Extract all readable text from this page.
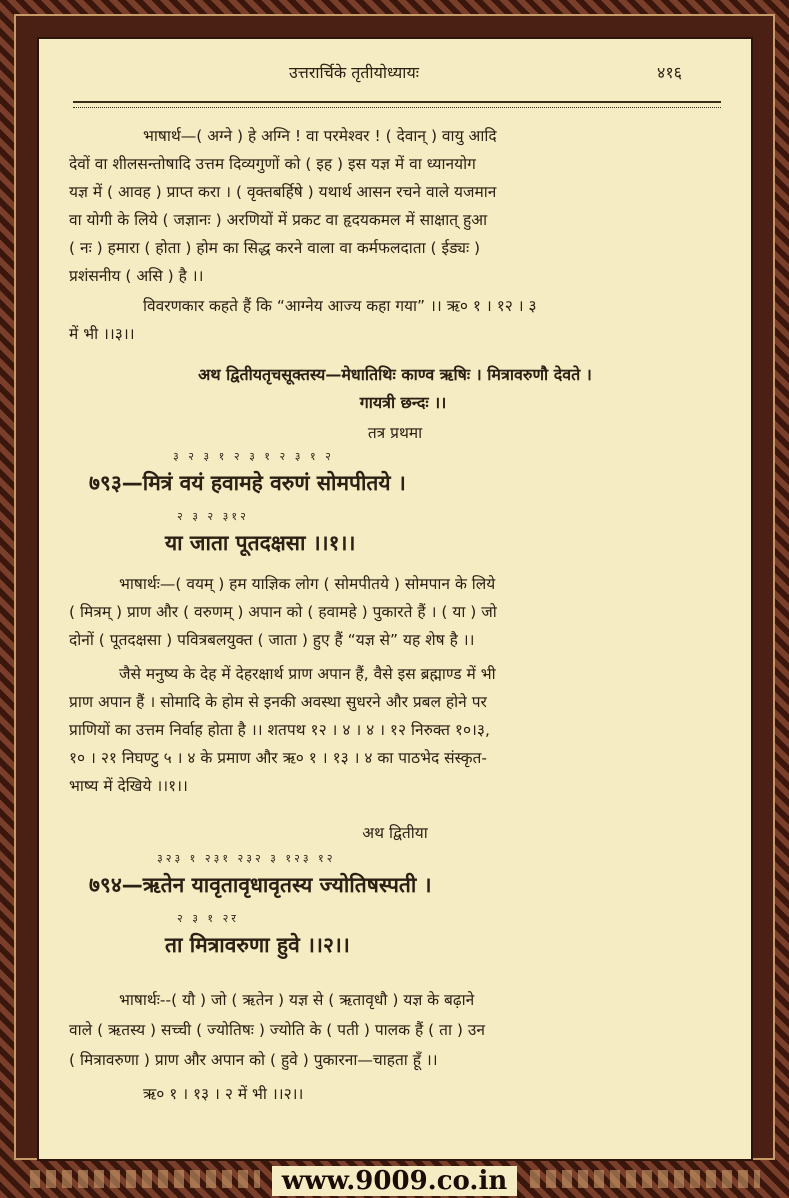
उत्तरार्चिके तृतीयोध्यायः	४१६
भाषार्थ—( अग्ने ) हे अग्नि ! वा परमेश्वर ! ( देवान् ) वायु आदि
देवों वा शीलसन्तोषादि उत्तम दिव्यगुणों को ( इह ) इस यज्ञ में वा ध्यानयोग
यज्ञ में ( आवह ) प्राप्त करा । ( वृक्तबर्हिषे ) यथार्थ आसन रचने वाले यजमान
वा योगी के लिये ( जज्ञानः ) अरणियों में प्रकट वा हृदयकमल में साक्षात् हुआ
( नः ) हमारा ( होता ) होम का सिद्ध करने वाला वा कर्मफलदाता ( ईड्यः )
प्रशंसनीय ( असि ) है ।।
विवरणकार कहते हैं कि “आग्नेय आज्य कहा गया” ।। ऋ० १ । १२ । ३
में भी ।।३।।
अथ द्वितीयतृचसूक्तस्य—मेधातिथिः काण्व ऋषिः । मित्रावरुणौ देवते ।
गायत्री छन्दः ।।
तत्र प्रथमा
३ २ ३ १ २ ३ १ २ ३ १ २
७९३—मित्रं वयं हवामहे वरुणं सोमपीतये ।
२ ३ २ ३१२
या जाता पूतदक्षसा ।।१।।
भाषार्थः—( वयम् ) हम याज्ञिक लोग ( सोमपीतये ) सोमपान के लिये
( मित्रम् ) प्राण और ( वरुणम् ) अपान को ( हवामहे ) पुकारते हैं । ( या ) जो
दोनों ( पूतदक्षसा ) पवित्रबलयुक्त ( जाता ) हुए हैं “यज्ञ से” यह शेष है ।।
जैसे मनुष्य के देह में देहरक्षार्थ प्राण अपान हैं, वैसे इस ब्रह्माण्ड में भी
प्राण अपान हैं । सोमादि के होम से इनकी अवस्था सुधरने और प्रबल होने पर
प्राणियों का उत्तम निर्वाह होता है ।। शतपथ १२ । ४ । ४ । १२ निरुक्त १०।३,
१० । २१ निघण्टु ५ । ४ के प्रमाण और ऋ० १ । १३ । ४ का पाठभेद संस्कृत-
भाष्य में देखिये ।।१।।
अथ द्वितीया
३२३ १ २३१ २३२ ३ १२३ १२
७९४—ऋतेन यावृतावृधावृतस्य ज्योतिषस्पती ।
२ ३ १ २र
ता मित्रावरुणा हुवे ।।२।।
भाषार्थः--( यौ ) जो ( ऋतेन ) यज्ञ से ( ऋतावृधौ ) यज्ञ के बढ़ाने
वाले ( ऋतस्य ) सच्ची ( ज्योतिषः ) ज्योति के ( पती ) पालक हैं ( ता ) उन
( मित्रावरुणा ) प्राण और अपान को ( हुवे ) पुकारना—चाहता हूँ ।।
ऋ० १ । १३ । २ में भी ।।२।।
www.9009.co.in
